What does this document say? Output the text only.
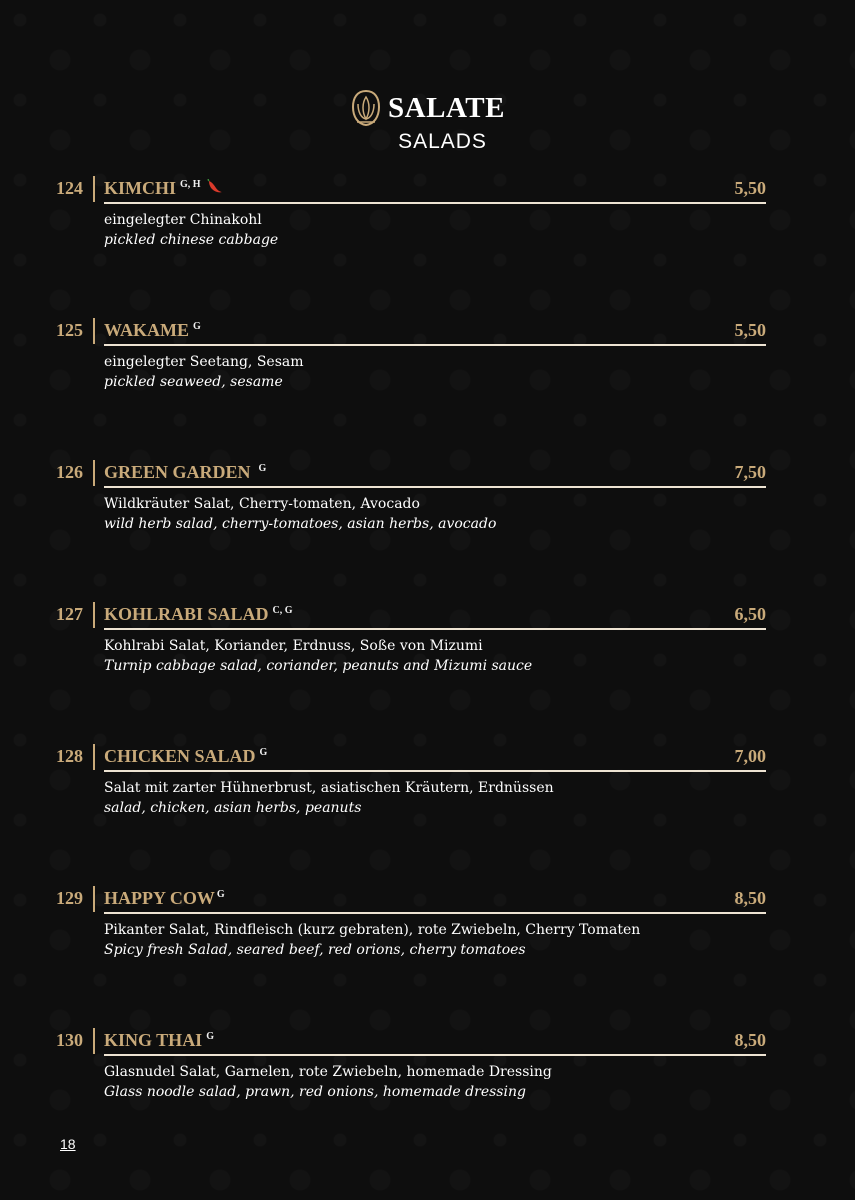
SALATE
SALADS
124 KIMCHI $^{G, H}$	5,50
eingelegter Chinakohl
pickled chinese cabbage
125 WAKAME $^G$	5,50
eingelegter Seetang, Sesam
pickled seaweed, sesame
126 GREEN GARDEN $^G$	7,50
Wildkräuter Salat, Cherry-tomaten, Avocado
wild herb salad, cherry-tomatoes, asian herbs, avocado
127 KOHLRABI SALAD $^{C, G}$	6,50
Kohlrabi Salat, Koriander, Erdnuss, Soße von Mizumi
Turnip cabbage salad, coriander, peanuts and Mizumi sauce
128 CHICKEN SALAD $^G$	7,00
Salat mit zarter Hühnerbrust, asiatischen Kräutern, Erdnüssen
salad, chicken, asian herbs, peanuts
129 HAPPY COW $^G$	8,50
Pikanter Salat, Rindfleisch (kurz gebraten), rote Zwiebeln, Cherry Tomaten
Spicy fresh Salad, seared beef, red orions, cherry tomatoes
130 KING THAI $^G$	8,50
Glasnudel Salat, Garnelen, rote Zwiebeln, homemade Dressing
Glass noodle salad, prawn, red onions, homemade dressing
18
